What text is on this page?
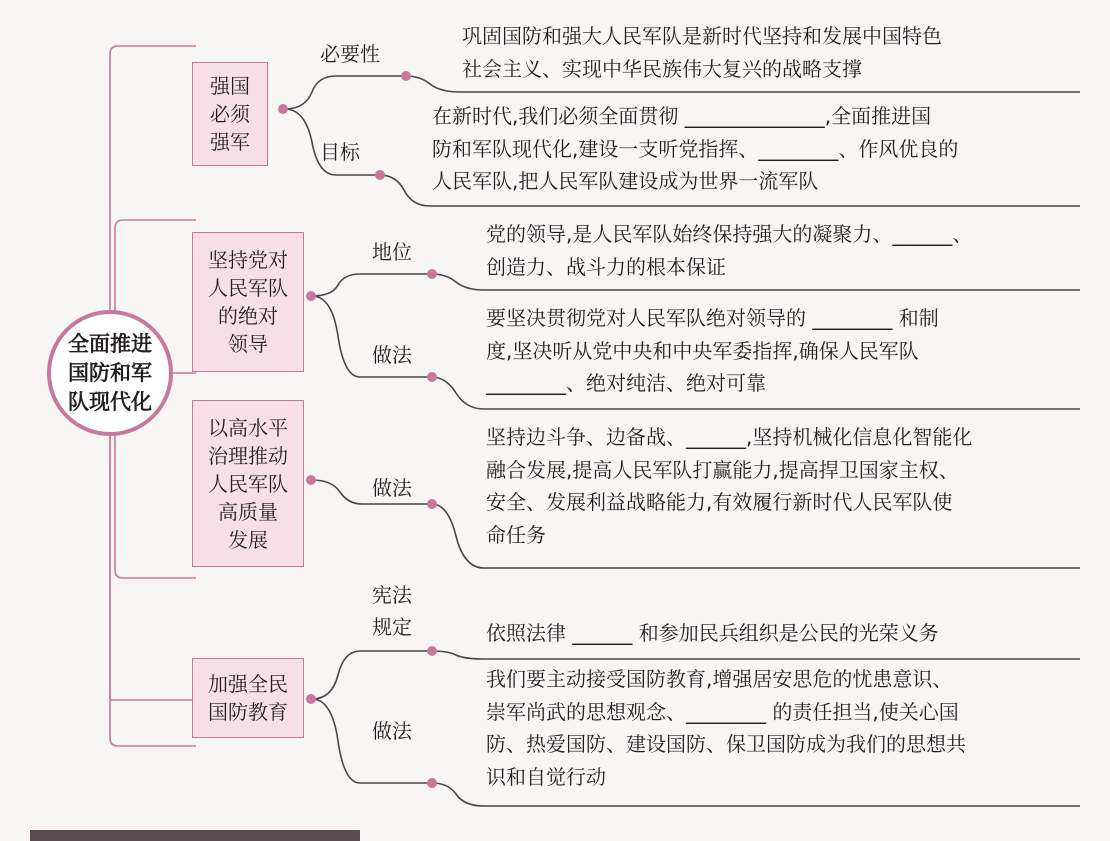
全面推进
国防和军
队现代化
强国
必须
强军
必要性
巩固国防和强大人民军队是新时代坚持和发展中国特色
社会主义、实现中华民族伟大复兴的战略支撑
目标
在新时代,我们必须全面贯彻 ______________,全面推进国
防和军队现代化,建设一支听党指挥、________、作风优良的
人民军队,把人民军队建设成为世界一流军队
坚持党对
人民军队
的绝对
领导
地位
党的领导,是人民军队始终保持强大的凝聚力、______、
创造力、战斗力的根本保证
做法
要坚决贯彻党对人民军队绝对领导的 ________ 和制
度,坚决听从党中央和中央军委指挥,确保人民军队
________、绝对纯洁、绝对可靠
以高水平
治理推动
人民军队
高质量
发展
做法
坚持边斗争、边备战、______,坚持机械化信息化智能化
融合发展,提高人民军队打赢能力,提高捍卫国家主权、
安全、发展利益战略能力,有效履行新时代人民军队使
命任务
加强全民
国防教育
宪法
规定	依照法律 ______ 和参加民兵组织是公民的光荣义务
做法
我们要主动接受国防教育,增强居安思危的忧患意识、
崇军尚武的思想观念、________ 的责任担当,使关心国
防、热爱国防、建设国防、保卫国防成为我们的思想共
识和自觉行动
